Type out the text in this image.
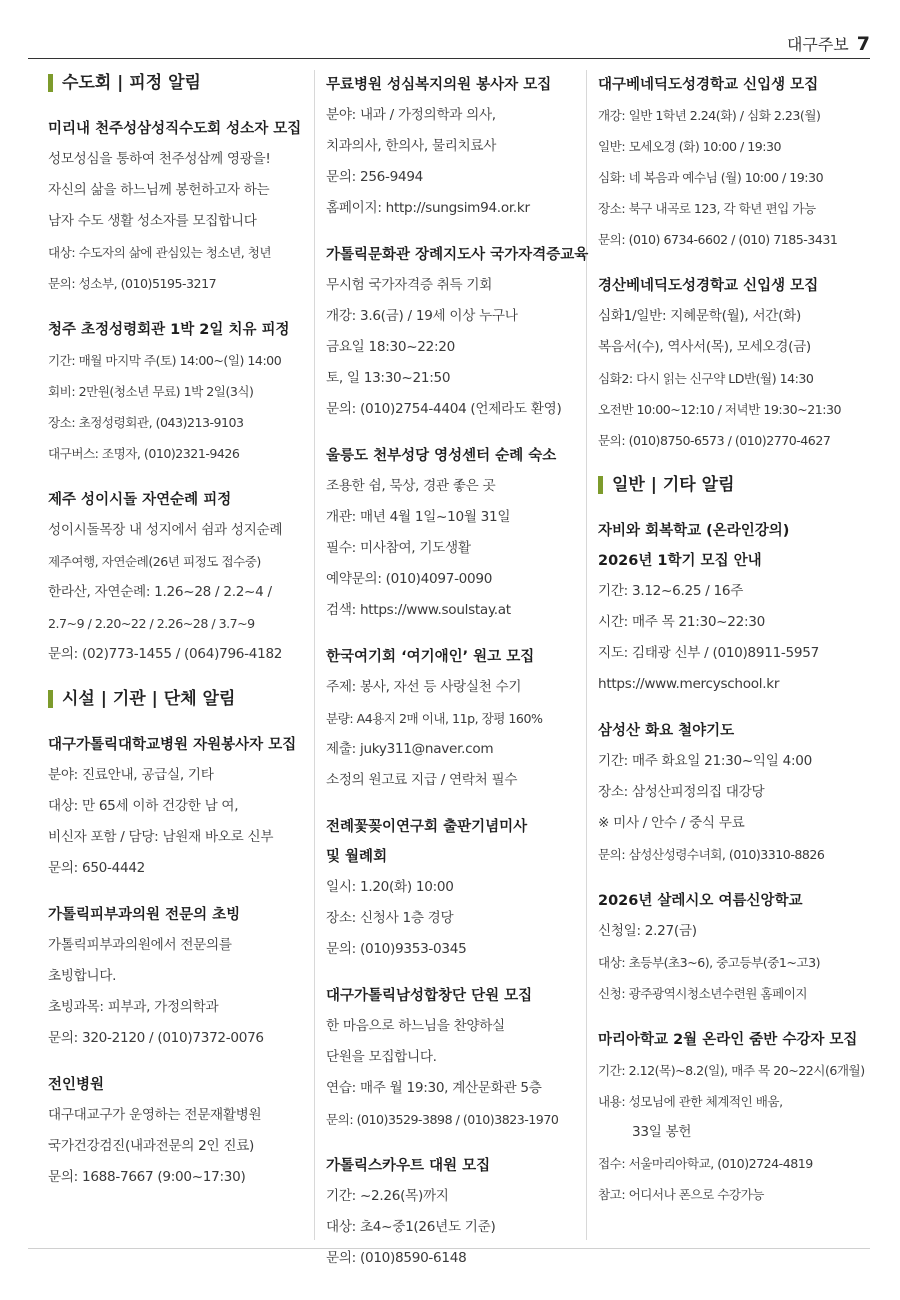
대구주보 7
수도회 | 피정 알림
미리내 천주성삼성직수도회 성소자 모집
성모성심을 통하여 천주성삼께 영광을!
자신의 삶을 하느님께 봉헌하고자 하는
남자 수도 생활 성소자를 모집합니다
대상: 수도자의 삶에 관심있는 청소년, 청년
문의: 성소부, (010)5195-3217
청주 초정성령회관 1박 2일 치유 피정
기간: 매월 마지막 주(토) 14:00~(일) 14:00
회비: 2만원(청소년 무료) 1박 2일(3식)
장소: 초정성령회관, (043)213-9103
대구버스: 조명자, (010)2321-9426
제주 성이시돌 자연순례 피정
성이시돌목장 내 성지에서 쉼과 성지순례
제주여행, 자연순례(26년 피정도 접수중)
한라산, 자연순례: 1.26~28 / 2.2~4 /
2.7~9 / 2.20~22 / 2.26~28 / 3.7~9
문의: (02)773-1455 / (064)796-4182
시설 | 기관 | 단체 알림
대구가톨릭대학교병원 자원봉사자 모집
분야: 진료안내, 공급실, 기타
대상: 만 65세 이하 건강한 남 여,
비신자 포함 / 담당: 남원재 바오로 신부
문의: 650-4442
가톨릭피부과의원 전문의 초빙
가톨릭피부과의원에서 전문의를
초빙합니다.
초빙과목: 피부과, 가정의학과
문의: 320-2120 / (010)7372-0076
전인병원
대구대교구가 운영하는 전문재활병원
국가건강검진(내과전문의 2인 진료)
문의: 1688-7667 (9:00~17:30)
무료병원 성심복지의원 봉사자 모집
분야: 내과 / 가정의학과 의사,
치과의사, 한의사, 물리치료사
문의: 256-9494
홈페이지: http://sungsim94.or.kr
가톨릭문화관 장례지도사 국가자격증교육
무시험 국가자격증 취득 기회
개강: 3.6(금) / 19세 이상 누구나
금요일 18:30~22:20
토, 일 13:30~21:50
문의: (010)2754-4404 (언제라도 환영)
울릉도 천부성당 영성센터 순례 숙소
조용한 쉼, 묵상, 경관 좋은 곳
개관: 매년 4월 1일~10월 31일
필수: 미사참여, 기도생활
예약문의: (010)4097-0090
검색: https://www.soulstay.at
한국여기회 ‘여기애인’ 원고 모집
주제: 봉사, 자선 등 사랑실천 수기
분량: A4용지 2매 이내, 11p, 장평 160%
제출: juky311@naver.com
소정의 원고료 지급 / 연락처 필수
전례꽃꽂이연구회 출판기념미사
및 월례회
일시: 1.20(화) 10:00
장소: 신청사 1층 경당
문의: (010)9353-0345
대구가톨릭남성합창단 단원 모집
한 마음으로 하느님을 찬양하실
단원을 모집합니다.
연습: 매주 월 19:30, 계산문화관 5층
문의: (010)3529-3898 / (010)3823-1970
가톨릭스카우트 대원 모집
기간: ~2.26(목)까지
대상: 초4~중1(26년도 기준)
문의: (010)8590-6148
대구베네딕도성경학교 신입생 모집
개강: 일반 1학년 2.24(화) / 심화 2.23(월)
일반: 모세오경 (화) 10:00 / 19:30
심화: 네 복음과 예수님 (월) 10:00 / 19:30
장소: 북구 내곡로 123, 각 학년 편입 가능
문의: (010) 6734-6602 / (010) 7185-3431
경산베네딕도성경학교 신입생 모집
심화1/일반: 지혜문학(월), 서간(화)
복음서(수), 역사서(목), 모세오경(금)
심화2: 다시 읽는 신구약 LD반(월) 14:30
오전반 10:00~12:10 / 저녁반 19:30~21:30
문의: (010)8750-6573 / (010)2770-4627
일반 | 기타 알림
자비와 회복학교 (온라인강의)
2026년 1학기 모집 안내
기간: 3.12~6.25 / 16주
시간: 매주 목 21:30~22:30
지도: 김태광 신부 / (010)8911-5957
https://www.mercyschool.kr
삼성산 화요 철야기도
기간: 매주 화요일 21:30~익일 4:00
장소: 삼성산피정의집 대강당
※ 미사 / 안수 / 중식 무료
문의: 삼성산성령수녀회, (010)3310-8826
2026년 살레시오 여름신앙학교
신청일: 2.27(금)
대상: 초등부(초3~6), 중고등부(중1~고3)
신청: 광주광역시청소년수련원 홈페이지
마리아학교 2월 온라인 줌반 수강자 모집
기간: 2.12(목)~8.2(일), 매주 목 20~22시(6개월)
내용: 성모님에 관한 체계적인 배움,
33일 봉헌
접수: 서울마리아학교, (010)2724-4819
참고: 어디서나 폰으로 수강가능
